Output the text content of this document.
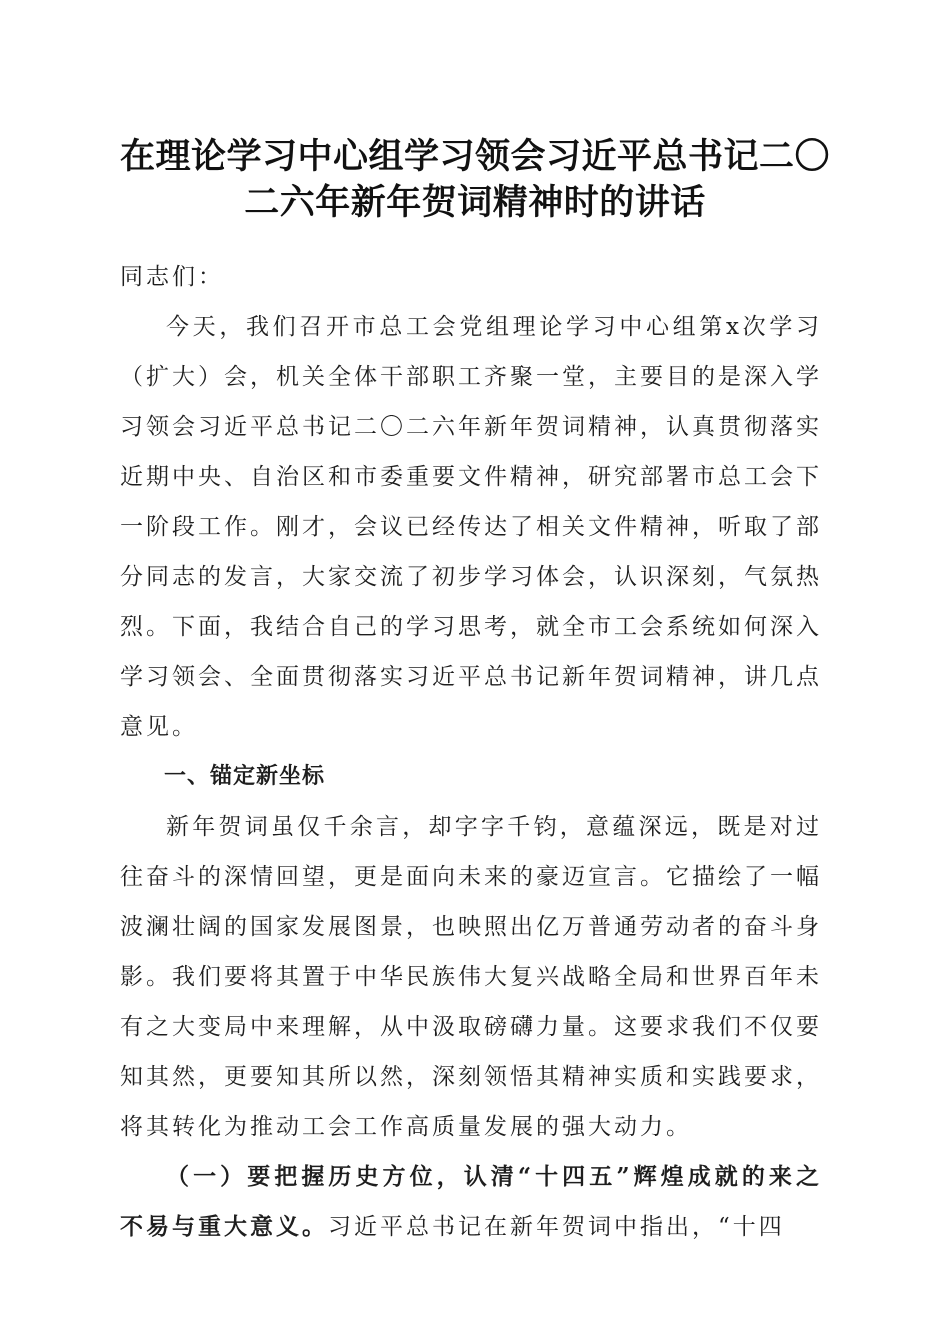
在理论学习中心组学习领会习近平总书记二〇
二六年新年贺词精神时的讲话

同志们：

今天，我们召开市总工会党组理论学习中心组第x次学习（扩大）会，机关全体干部职工齐聚一堂，主要目的是深入学习领会习近平总书记二〇二六年新年贺词精神，认真贯彻落实近期中央、自治区和市委重要文件精神，研究部署市总工会下一阶段工作。刚才，会议已经传达了相关文件精神，听取了部分同志的发言，大家交流了初步学习体会，认识深刻，气氛热烈。下面，我结合自己的学习思考，就全市工会系统如何深入学习领会、全面贯彻落实习近平总书记新年贺词精神，讲几点意见。

一、锚定新坐标

新年贺词虽仅千余言，却字字千钧，意蕴深远，既是对过往奋斗的深情回望，更是面向未来的豪迈宣言。它描绘了一幅波澜壮阔的国家发展图景，也映照出亿万普通劳动者的奋斗身影。我们要将其置于中华民族伟大复兴战略全局和世界百年未有之大变局中来理解，从中汲取磅礴力量。这要求我们不仅要知其然，更要知其所以然，深刻领悟其精神实质和实践要求，将其转化为推动工会工作高质量发展的强大动力。

（一）要把握历史方位，认清“十四五”辉煌成就的来之不易与重大意义。习近平总书记在新年贺词中指出，“十四
